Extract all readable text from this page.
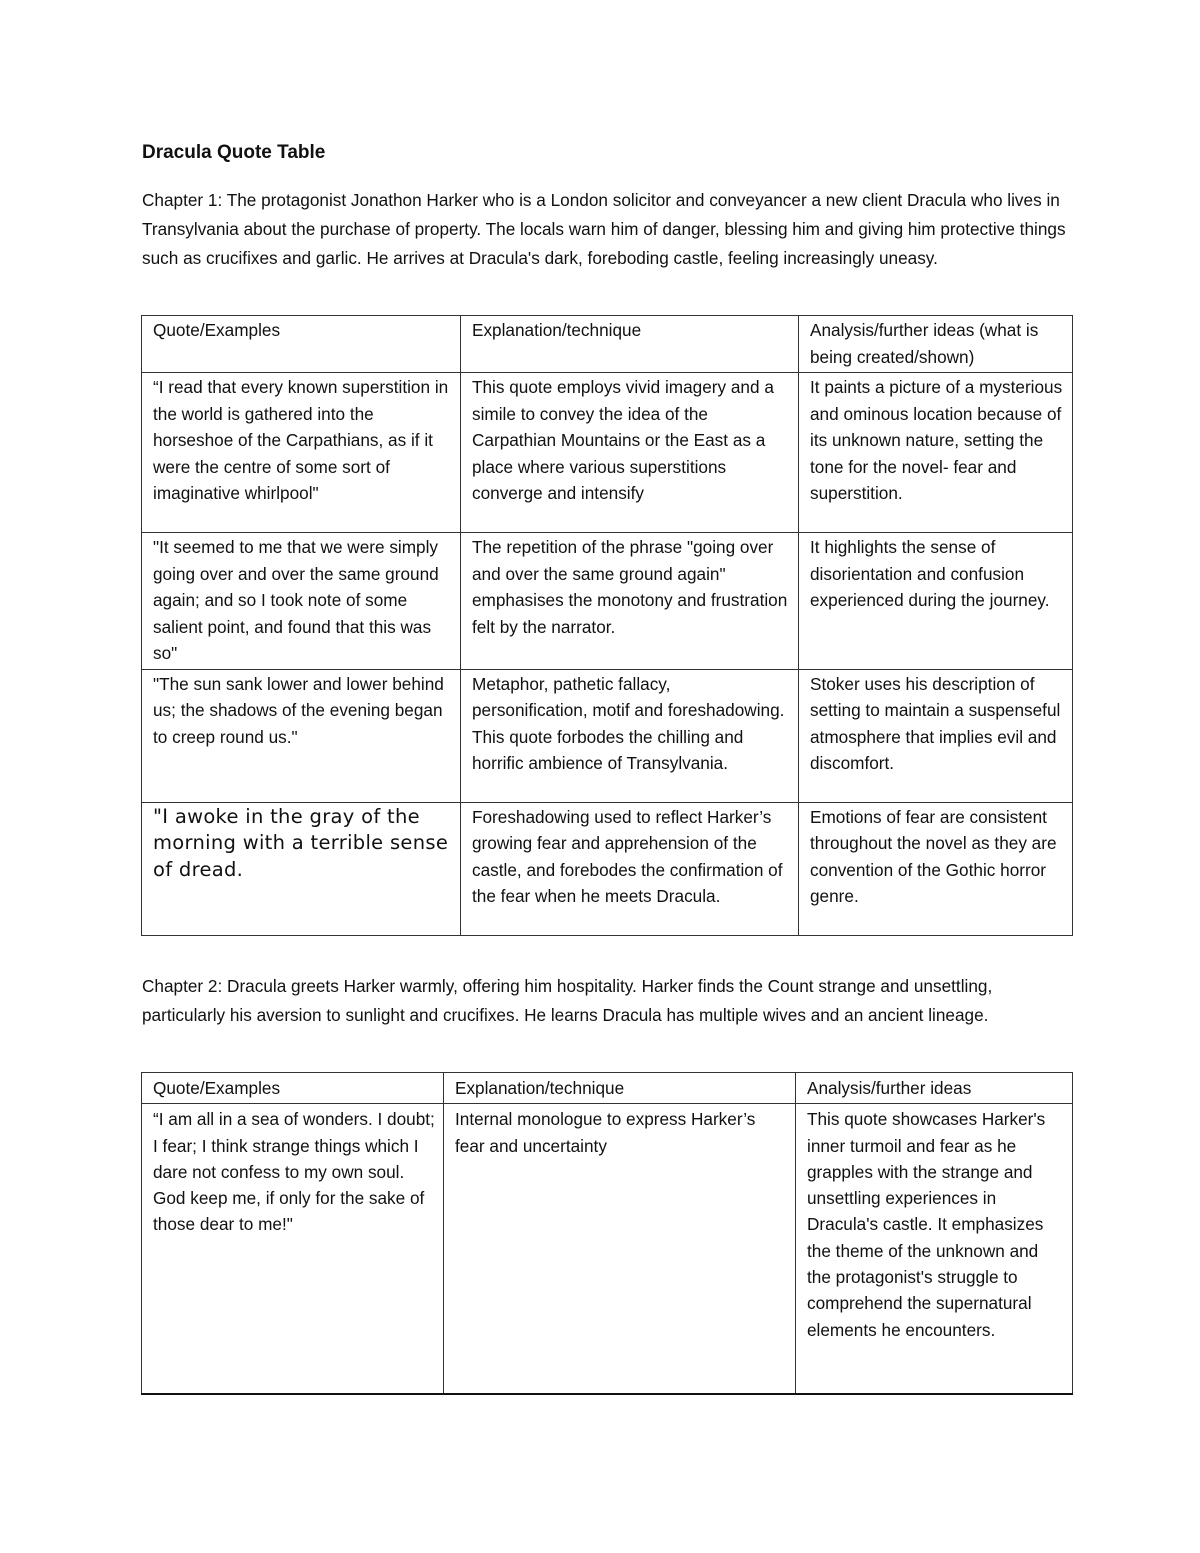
Dracula Quote Table

Chapter 1: The protagonist Jonathon Harker who is a London solicitor and conveyancer a new client Dracula who lives in Transylvania about the purchase of property. The locals warn him of danger, blessing him and giving him protective things such as crucifixes and garlic. He arrives at Dracula's dark, foreboding castle, feeling increasingly uneasy.

Quote/Examples	Explanation/technique	Analysis/further ideas (what is being created/shown)
“I read that every known superstition in the world is gathered into the horseshoe of the Carpathians, as if it were the centre of some sort of imaginative whirlpool"	This quote employs vivid imagery and a simile to convey the idea of the Carpathian Mountains or the East as a place where various superstitions converge and intensify	It paints a picture of a mysterious and ominous location because of its unknown nature, setting the tone for the novel- fear and superstition.
"It seemed to me that we were simply going over and over the same ground again; and so I took note of some salient point, and found that this was so"	The repetition of the phrase "going over and over the same ground again" emphasises the monotony and frustration felt by the narrator.	It highlights the sense of disorientation and confusion experienced during the journey.
"The sun sank lower and lower behind us; the shadows of the evening began to creep round us."	Metaphor, pathetic fallacy, personification, motif and foreshadowing. This quote forbodes the chilling and horrific ambience of Transylvania.	Stoker uses his description of setting to maintain a suspenseful atmosphere that implies evil and discomfort.
"I awoke in the gray of the morning with a terrible sense of dread.	Foreshadowing used to reflect Harker’s growing fear and apprehension of the castle, and forebodes the confirmation of the fear when he meets Dracula.	Emotions of fear are consistent throughout the novel as they are convention of the Gothic horror genre.

Chapter 2: Dracula greets Harker warmly, offering him hospitality. Harker finds the Count strange and unsettling, particularly his aversion to sunlight and crucifixes. He learns Dracula has multiple wives and an ancient lineage.

Quote/Examples	Explanation/technique	Analysis/further ideas
“I am all in a sea of wonders. I doubt; I fear; I think strange things which I dare not confess to my own soul. God keep me, if only for the sake of those dear to me!"	Internal monologue to express Harker’s fear and uncertainty	This quote showcases Harker's inner turmoil and fear as he grapples with the strange and unsettling experiences in Dracula's castle. It emphasizes the theme of the unknown and the protagonist's struggle to comprehend the supernatural elements he encounters.
